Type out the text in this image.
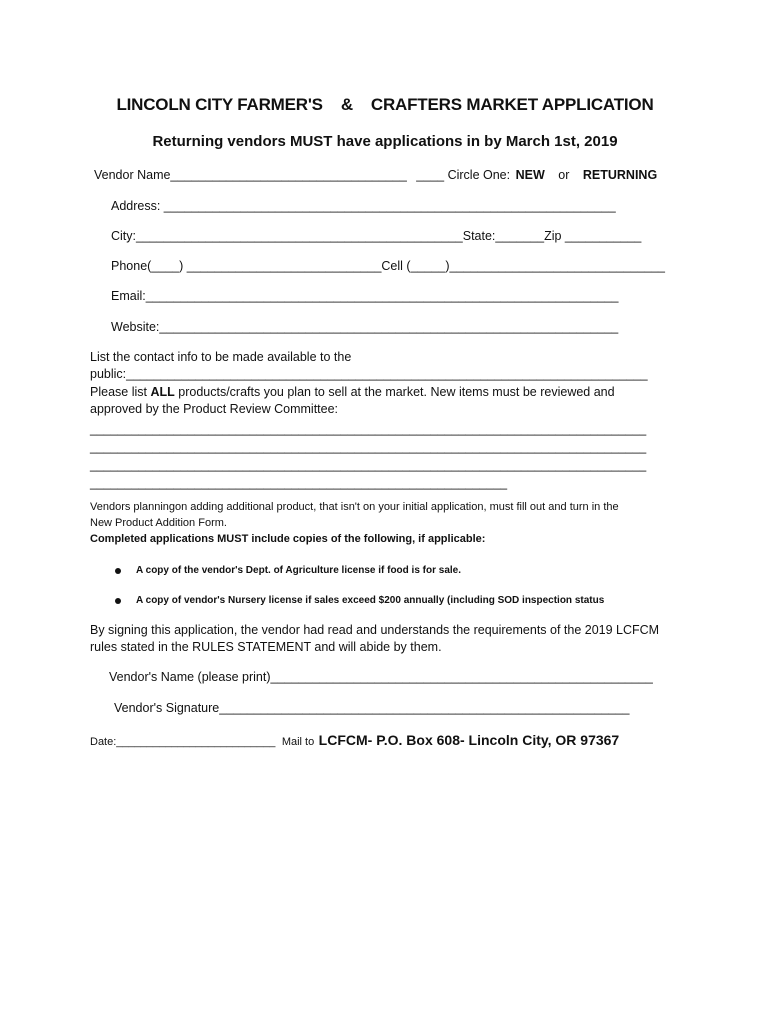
LINCOLN CITY FARMER'S & CRAFTERS MARKET APPLICATION
Returning vendors MUST have applications in by March 1st, 2019
Vendor Name__________________________________ ____ Circle One: NEW or RETURNING
Address: _________________________________________________________________
City:_______________________________________________State:_______Zip ___________
Phone(____) ____________________________Cell (_____)_______________________________
Email:____________________________________________________________________
Website:__________________________________________________________________
List the contact info to be made available to the
public:___________________________________________________________________________
Please list ALL products/crafts you plan to sell at the market. New items must be reviewed and
approved by the Product Review Committee:
________________________________________________________________________________
________________________________________________________________________________
________________________________________________________________________________
____________________________________________________________
Vendors planningon adding additional product, that isn't on your initial application, must fill out and turn in the
New Product Addition Form.
Completed applications MUST include copies of the following, if applicable:
A copy of the vendor's Dept. of Agriculture license if food is for sale.
A copy of vendor's Nursery license if sales exceed $200 annually (including SOD inspection status
By signing this application, the vendor had read and understands the requirements of the 2019 LCFCM
rules stated in the RULES STATEMENT and will abide by them.
Vendor's Name (please print)_______________________________________________________
Vendor's Signature___________________________________________________________
Date:__________________________ Mail to LCFCM- P.O. Box 608- Lincoln City, OR 97367
